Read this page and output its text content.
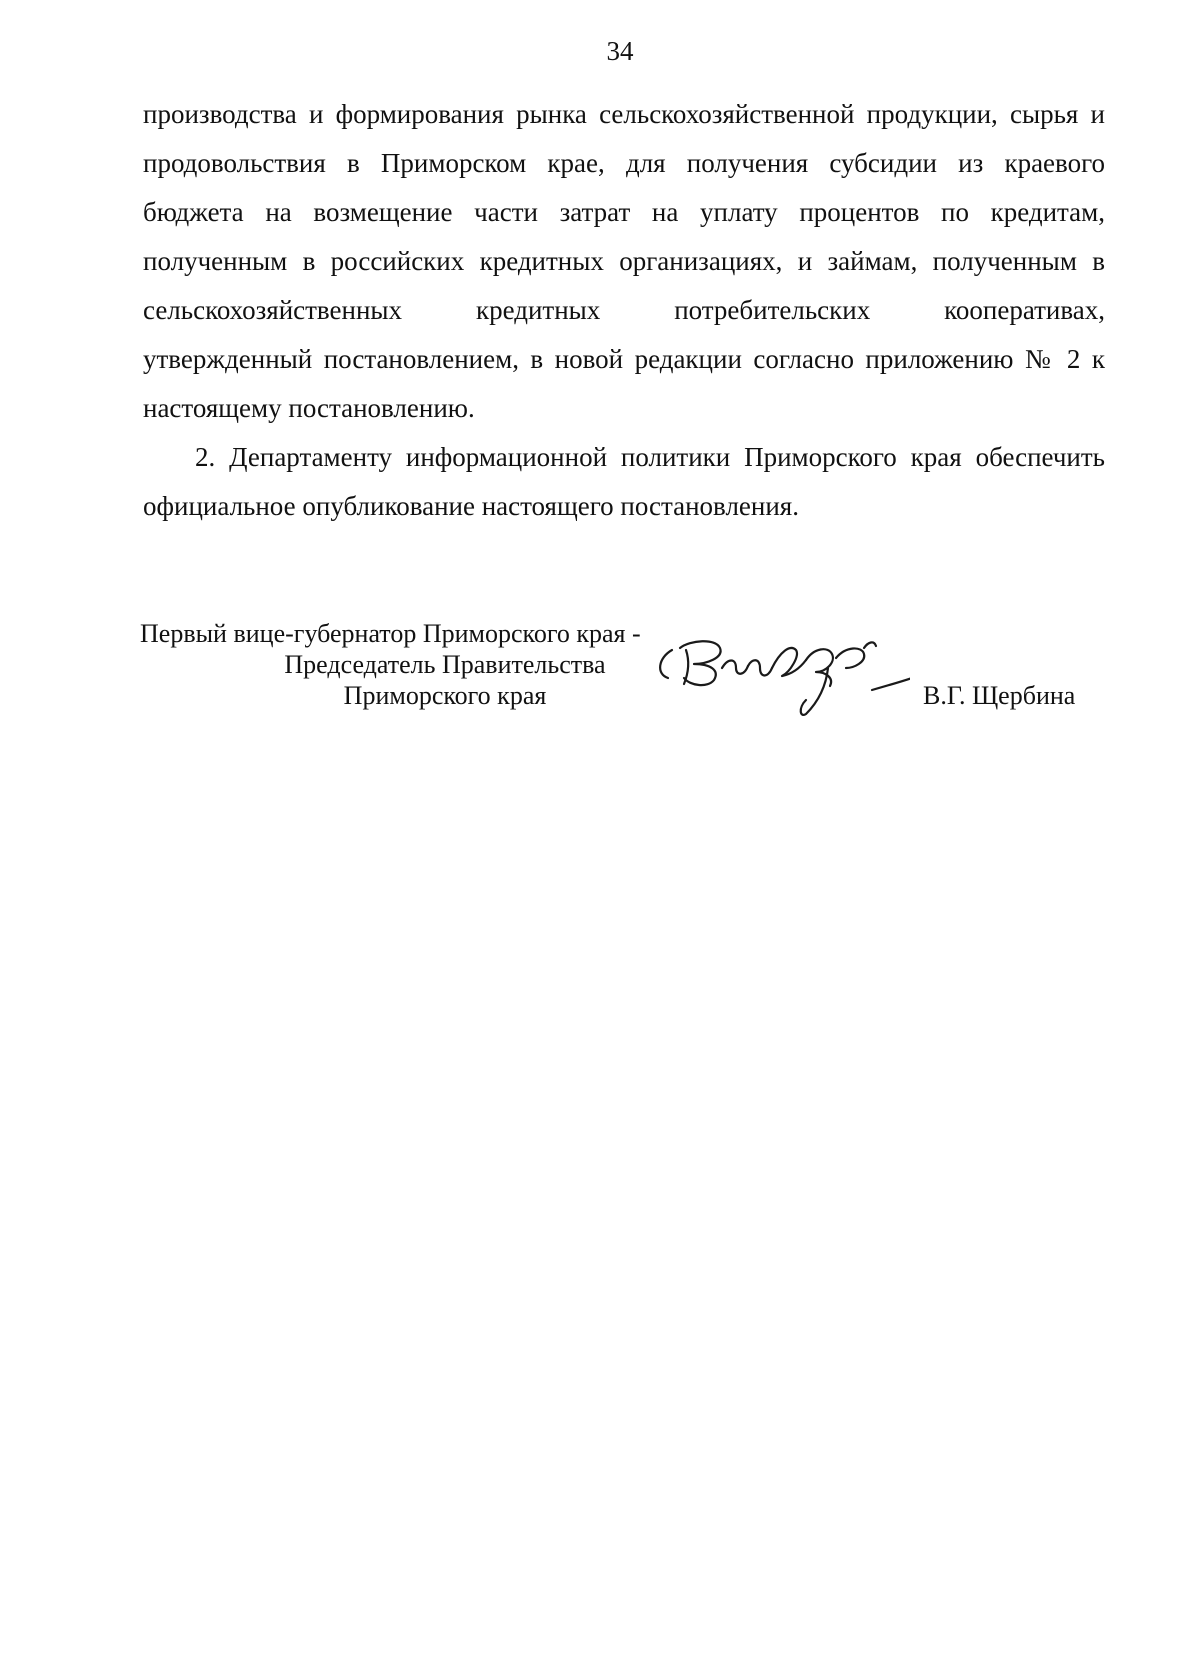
34

производства и формирования рынка сельскохозяйственной продукции, сырья и
продовольствия в Приморском крае, для получения субсидии из краевого
бюджета на возмещение части затрат на уплату процентов по кредитам,
полученным в российских кредитных организациях, и займам, полученным в
сельскохозяйственных кредитных потребительских кооперативах,
утвержденный постановлением, в новой редакции согласно приложению № 2 к
настоящему постановлению.

2. Департаменту информационной политики Приморского края обеспечить
официальное опубликование настоящего постановления.

Первый вице-губернатор Приморского края -
Председатель Правительства
Приморского края	В.Г. Щербина
